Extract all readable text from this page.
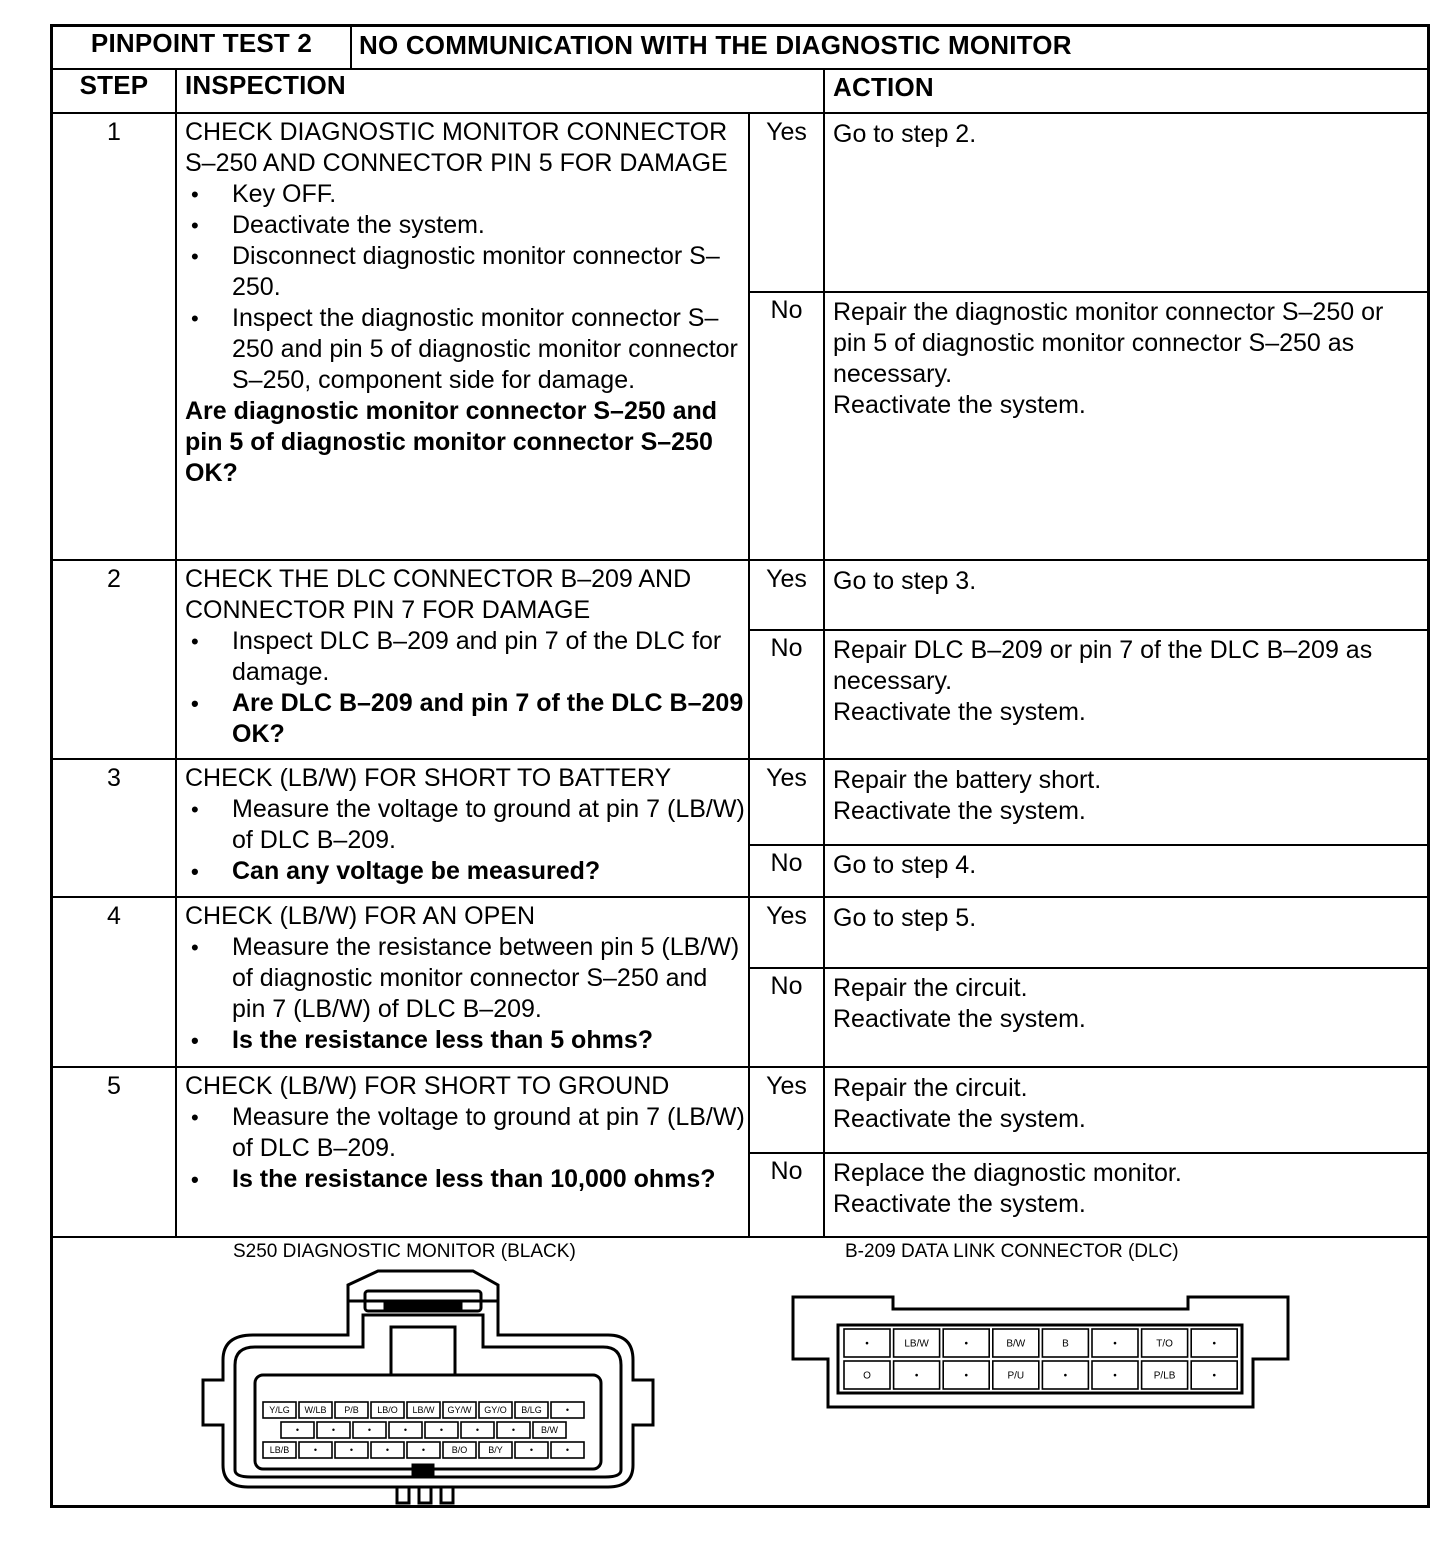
PINPOINT TEST 2	NO COMMUNICATION WITH THE DIAGNOSTIC MONITOR
STEP	INSPECTION	ACTION
1	CHECK DIAGNOSTIC MONITOR CONNECTOR S–250 AND CONNECTOR PIN 5 FOR DAMAGE
• Key OFF.
• Deactivate the system.
• Disconnect diagnostic monitor connector S–250.
• Inspect the diagnostic monitor connector S–250 and pin 5 of diagnostic monitor connector S–250, component side for damage.
Are diagnostic monitor connector S–250 and pin 5 of diagnostic monitor connector S–250 OK?
Yes	Go to step 2.
No	Repair the diagnostic monitor connector S–250 or pin 5 of diagnostic monitor connector S–250 as necessary.
Reactivate the system.
2	CHECK THE DLC CONNECTOR B–209 AND CONNECTOR PIN 7 FOR DAMAGE
• Inspect DLC B–209 and pin 7 of the DLC for damage.
• Are DLC B–209 and pin 7 of the DLC B–209 OK?
Yes	Go to step 3.
No	Repair DLC B–209 or pin 7 of the DLC B–209 as necessary.
Reactivate the system.
3	CHECK (LB/W) FOR SHORT TO BATTERY
• Measure the voltage to ground at pin 7 (LB/W) of DLC B–209.
• Can any voltage be measured?
Yes	Repair the battery short.
Reactivate the system.
No	Go to step 4.
4	CHECK (LB/W) FOR AN OPEN
• Measure the resistance between pin 5 (LB/W) of diagnostic monitor connector S–250 and pin 7 (LB/W) of DLC B–209.
• Is the resistance less than 5 ohms?
Yes	Go to step 5.
No	Repair the circuit.
Reactivate the system.
5	CHECK (LB/W) FOR SHORT TO GROUND
• Measure the voltage to ground at pin 7 (LB/W) of DLC B–209.
• Is the resistance less than 10,000 ohms?
Yes	Repair the circuit.
Reactivate the system.
No	Replace the diagnostic monitor.
Reactivate the system.
S250 DIAGNOSTIC MONITOR (BLACK)	B-209 DATA LINK CONNECTOR (DLC)
Y/LG W/LB P/B LB/O LB/W GY/W GY/O B/LG	•
•	•	•	•	•	•	•	B/W
LB/B	•	•	•	•	B/O B/Y	•	•
•	LB/W	•	B/W	B	•	T/O	•
O	•	•	P/U	•	•	P/LB	•
